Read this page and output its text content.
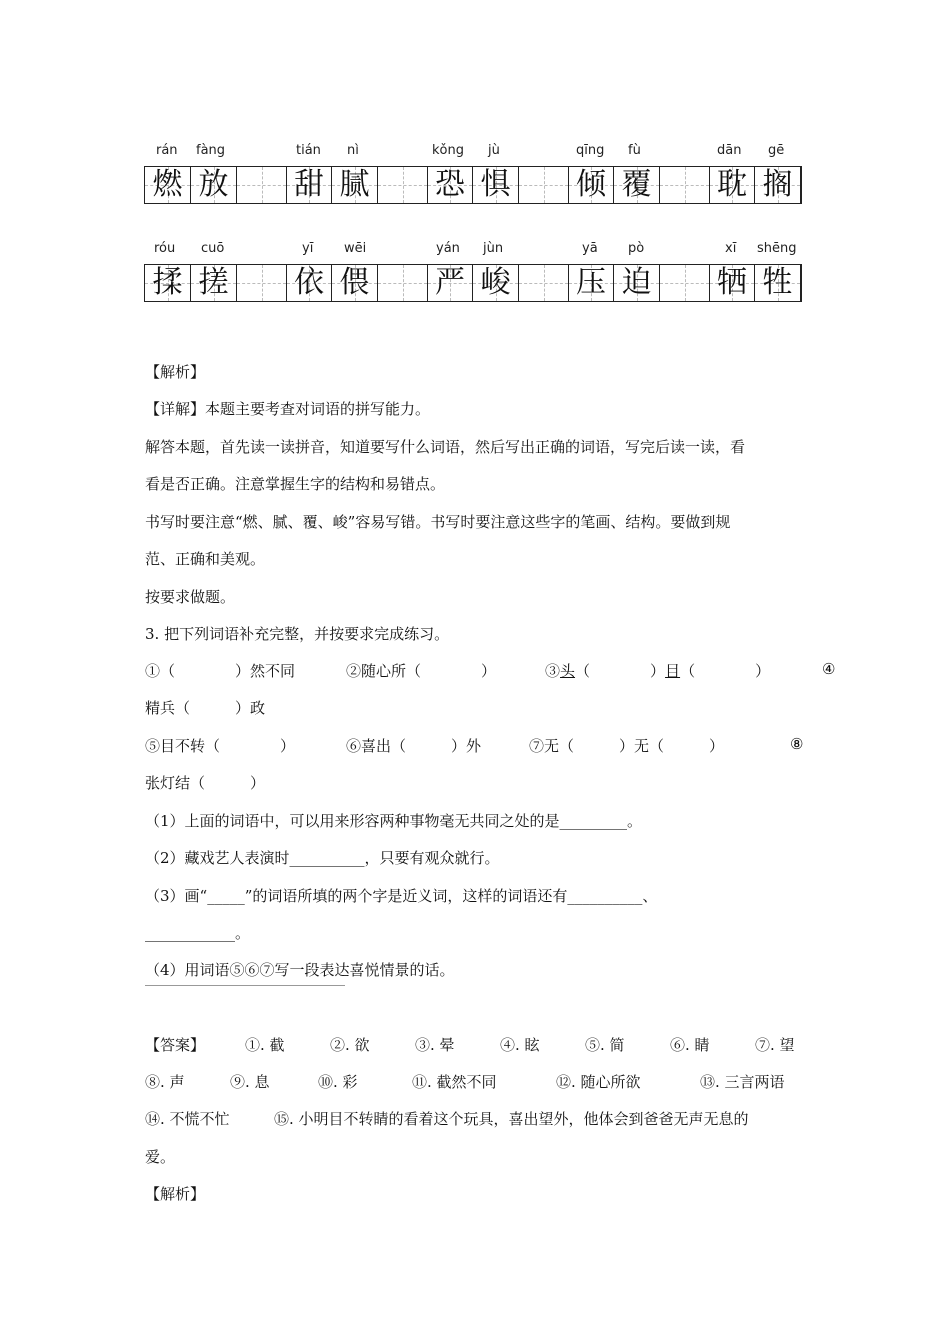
燃 放 甜 腻 恐 惧 倾 覆 耽 搁
rán fàng	tián nì	kǒng jù	qīng fù	dān gē
揉 搓 依 偎 严 峻 压 迫 牺 牲
róu cuō	yī wēi	yán jùn	yā pò	xī shēng
【解析】
【详解】本题主要考查对词语的拼写能力。
解答本题，首先读一读拼音，知道要写什么词语，然后写出正确的词语，写完后读一读，看
看是否正确。注意掌握生字的结构和易错点。
书写时要注意“燃、腻、覆、峻”容易写错。书写时要注意这些字的笔画、结构。要做到规
范、正确和美观。
按要求做题。
3. 把下列词语补充完整，并按要求完成练习。
①（　　　　）然不同	②随心所（　　　　）	③头（　　　　）目（　　　　）	④
精兵（　　　）政
⑤目不转（　　　　）	⑥喜出（　　　）外	⑦无（　　　）无（　　　）	⑧
张灯结（　　　）
（1）上面的词语中，可以用来形容两种事物毫无共同之处的是_________。
（2）藏戏艺人表演时__________，只要有观众就行。
（3）画“_____”的词语所填的两个字是近义词，这样的词语还有__________、
____________。
（4）用词语⑤⑥⑦写一段表达喜悦情景的话。
【答案】	①. 截	②. 欲	③. 晕	④. 眩	⑤. 简	⑥. 睛	⑦. 望
⑧. 声	⑨. 息	⑩. 彩	⑪. 截然不同	⑫. 随心所欲	⑬. 三言两语
⑭. 不慌不忙	⑮. 小明目不转睛的看着这个玩具，喜出望外，他体会到爸爸无声无息的
爱。
【解析】
